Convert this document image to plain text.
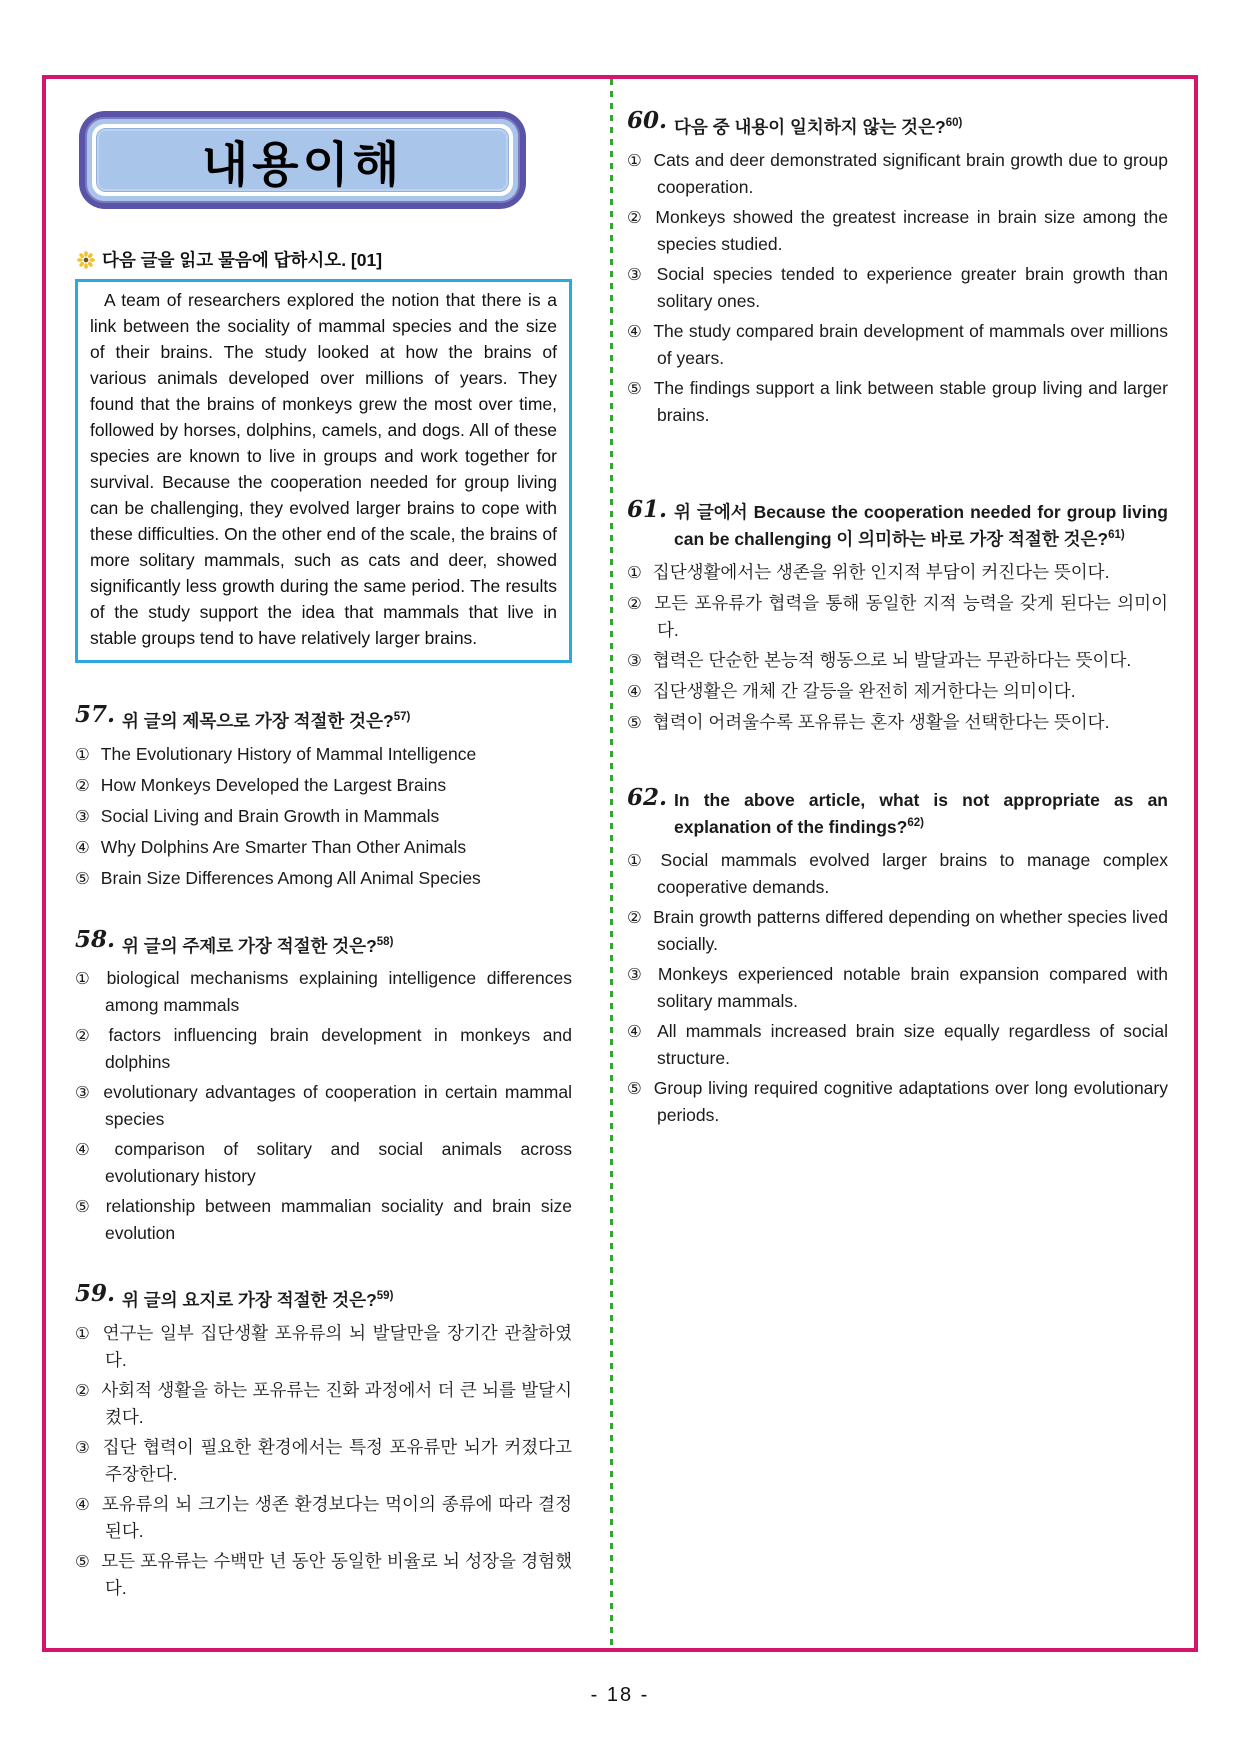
내용이해
다음 글을 읽고 물음에 답하시오. [01]
A team of researchers explored the notion that there is a link between the sociality of mammal species and the size of their brains. The study looked at how the brains of various animals developed over millions of years. They found that the brains of monkeys grew the most over time, followed by horses, dolphins, camels, and dogs. All of these species are known to live in groups and work together for survival. Because the cooperation needed for group living can be challenging, they evolved larger brains to cope with these difficulties. On the other end of the scale, the brains of more solitary mammals, such as cats and deer, showed significantly less growth during the same period. The results of the study support the idea that mammals that live in stable groups tend to have relatively larger brains.
57. 위 글의 제목으로 가장 적절한 것은?$^{57)}$
① The Evolutionary History of Mammal Intelligence
② How Monkeys Developed the Largest Brains
③ Social Living and Brain Growth in Mammals
④ Why Dolphins Are Smarter Than Other Animals
⑤ Brain Size Differences Among All Animal Species
58. 위 글의 주제로 가장 적절한 것은?$^{58)}$
① biological mechanisms explaining intelligence differences among mammals
② factors influencing brain development in monkeys and dolphins
③ evolutionary advantages of cooperation in certain mammal species
④ comparison of solitary and social animals across evolutionary history
⑤ relationship between mammalian sociality and brain size evolution
59. 위 글의 요지로 가장 적절한 것은?$^{59)}$
① 연구는 일부 집단생활 포유류의 뇌 발달만을 장기간 관찰하였다.
② 사회적 생활을 하는 포유류는 진화 과정에서 더 큰 뇌를 발달시켰다.
③ 집단 협력이 필요한 환경에서는 특정 포유류만 뇌가 커졌다고 주장한다.
④ 포유류의 뇌 크기는 생존 환경보다는 먹이의 종류에 따라 결정된다.
⑤ 모든 포유류는 수백만 년 동안 동일한 비율로 뇌 성장을 경험했다.
60. 다음 중 내용이 일치하지 않는 것은?$^{60)}$
① Cats and deer demonstrated significant brain growth due to group cooperation.
② Monkeys showed the greatest increase in brain size among the species studied.
③ Social species tended to experience greater brain growth than solitary ones.
④ The study compared brain development of mammals over millions of years.
⑤ The findings support a link between stable group living and larger brains.
61. 위 글에서 Because the cooperation needed for group living can be challenging 이 의미하는 바로 가장 적절한 것은?$^{61)}$
① 집단생활에서는 생존을 위한 인지적 부담이 커진다는 뜻이다.
② 모든 포유류가 협력을 통해 동일한 지적 능력을 갖게 된다는 의미이다.
③ 협력은 단순한 본능적 행동으로 뇌 발달과는 무관하다는 뜻이다.
④ 집단생활은 개체 간 갈등을 완전히 제거한다는 의미이다.
⑤ 협력이 어려울수록 포유류는 혼자 생활을 선택한다는 뜻이다.
62. In the above article, what is not appropriate as an explanation of the findings?$^{62)}$
① Social mammals evolved larger brains to manage complex cooperative demands.
② Brain growth patterns differed depending on whether species lived socially.
③ Monkeys experienced notable brain expansion compared with solitary mammals.
④ All mammals increased brain size equally regardless of social structure.
⑤ Group living required cognitive adaptations over long evolutionary periods.
- 18 -
